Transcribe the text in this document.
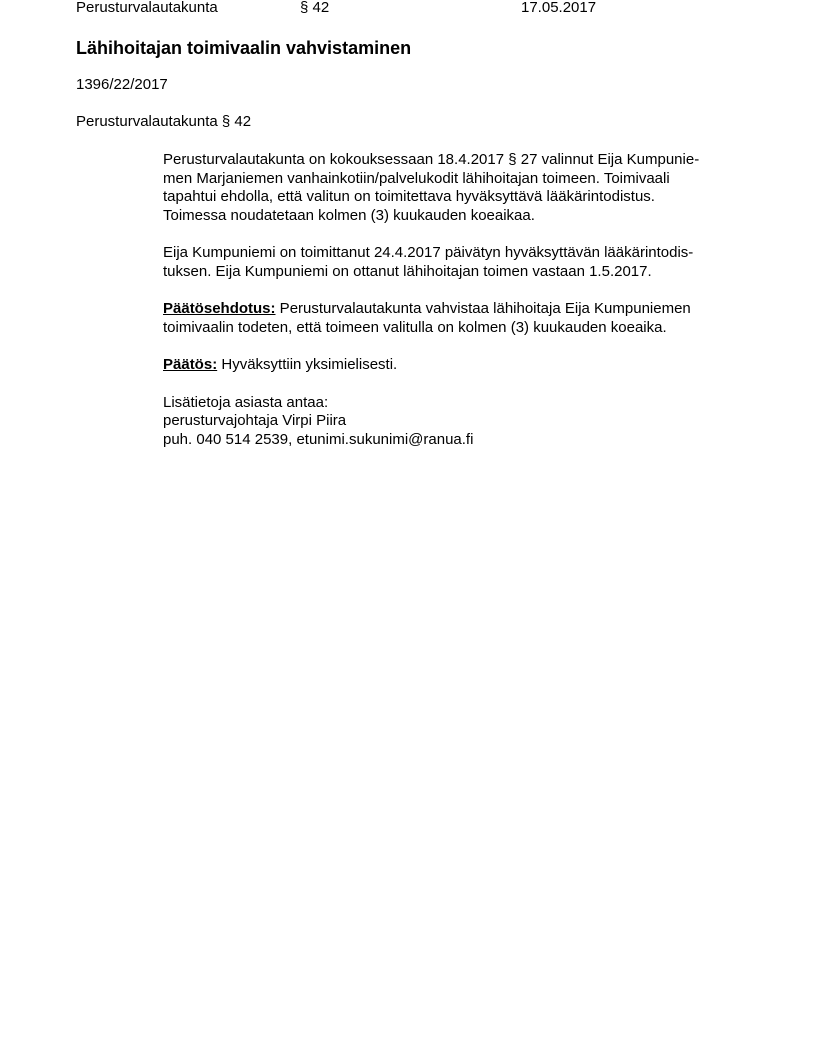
Perusturvalautakunta	§ 42	17.05.2017
Lähihoitajan toimivaalin vahvistaminen
1396/22/2017
Perusturvalautakunta § 42
Perusturvalautakunta on kokouksessaan 18.4.2017 § 27 valinnut Eija Kumpunie-
men Marjaniemen vanhainkotiin/palvelukodit lähihoitajan toimeen. Toimivaali
tapahtui ehdolla, että valitun on toimitettava hyväksyttävä lääkärintodistus.
Toimessa noudatetaan kolmen (3) kuukauden koeaikaa.
Eija Kumpuniemi on toimittanut 24.4.2017 päivätyn hyväksyttävän lääkärintodis-
tuksen. Eija Kumpuniemi on ottanut lähihoitajan toimen vastaan 1.5.2017.
Päätösehdotus: Perusturvalautakunta vahvistaa lähihoitaja Eija Kumpuniemen
toimivaalin todeten, että toimeen valitulla on kolmen (3) kuukauden koeaika.
Päätös: Hyväksyttiin yksimielisesti.
Lisätietoja asiasta antaa:
perusturvajohtaja Virpi Piira
puh. 040 514 2539, etunimi.sukunimi@ranua.fi
